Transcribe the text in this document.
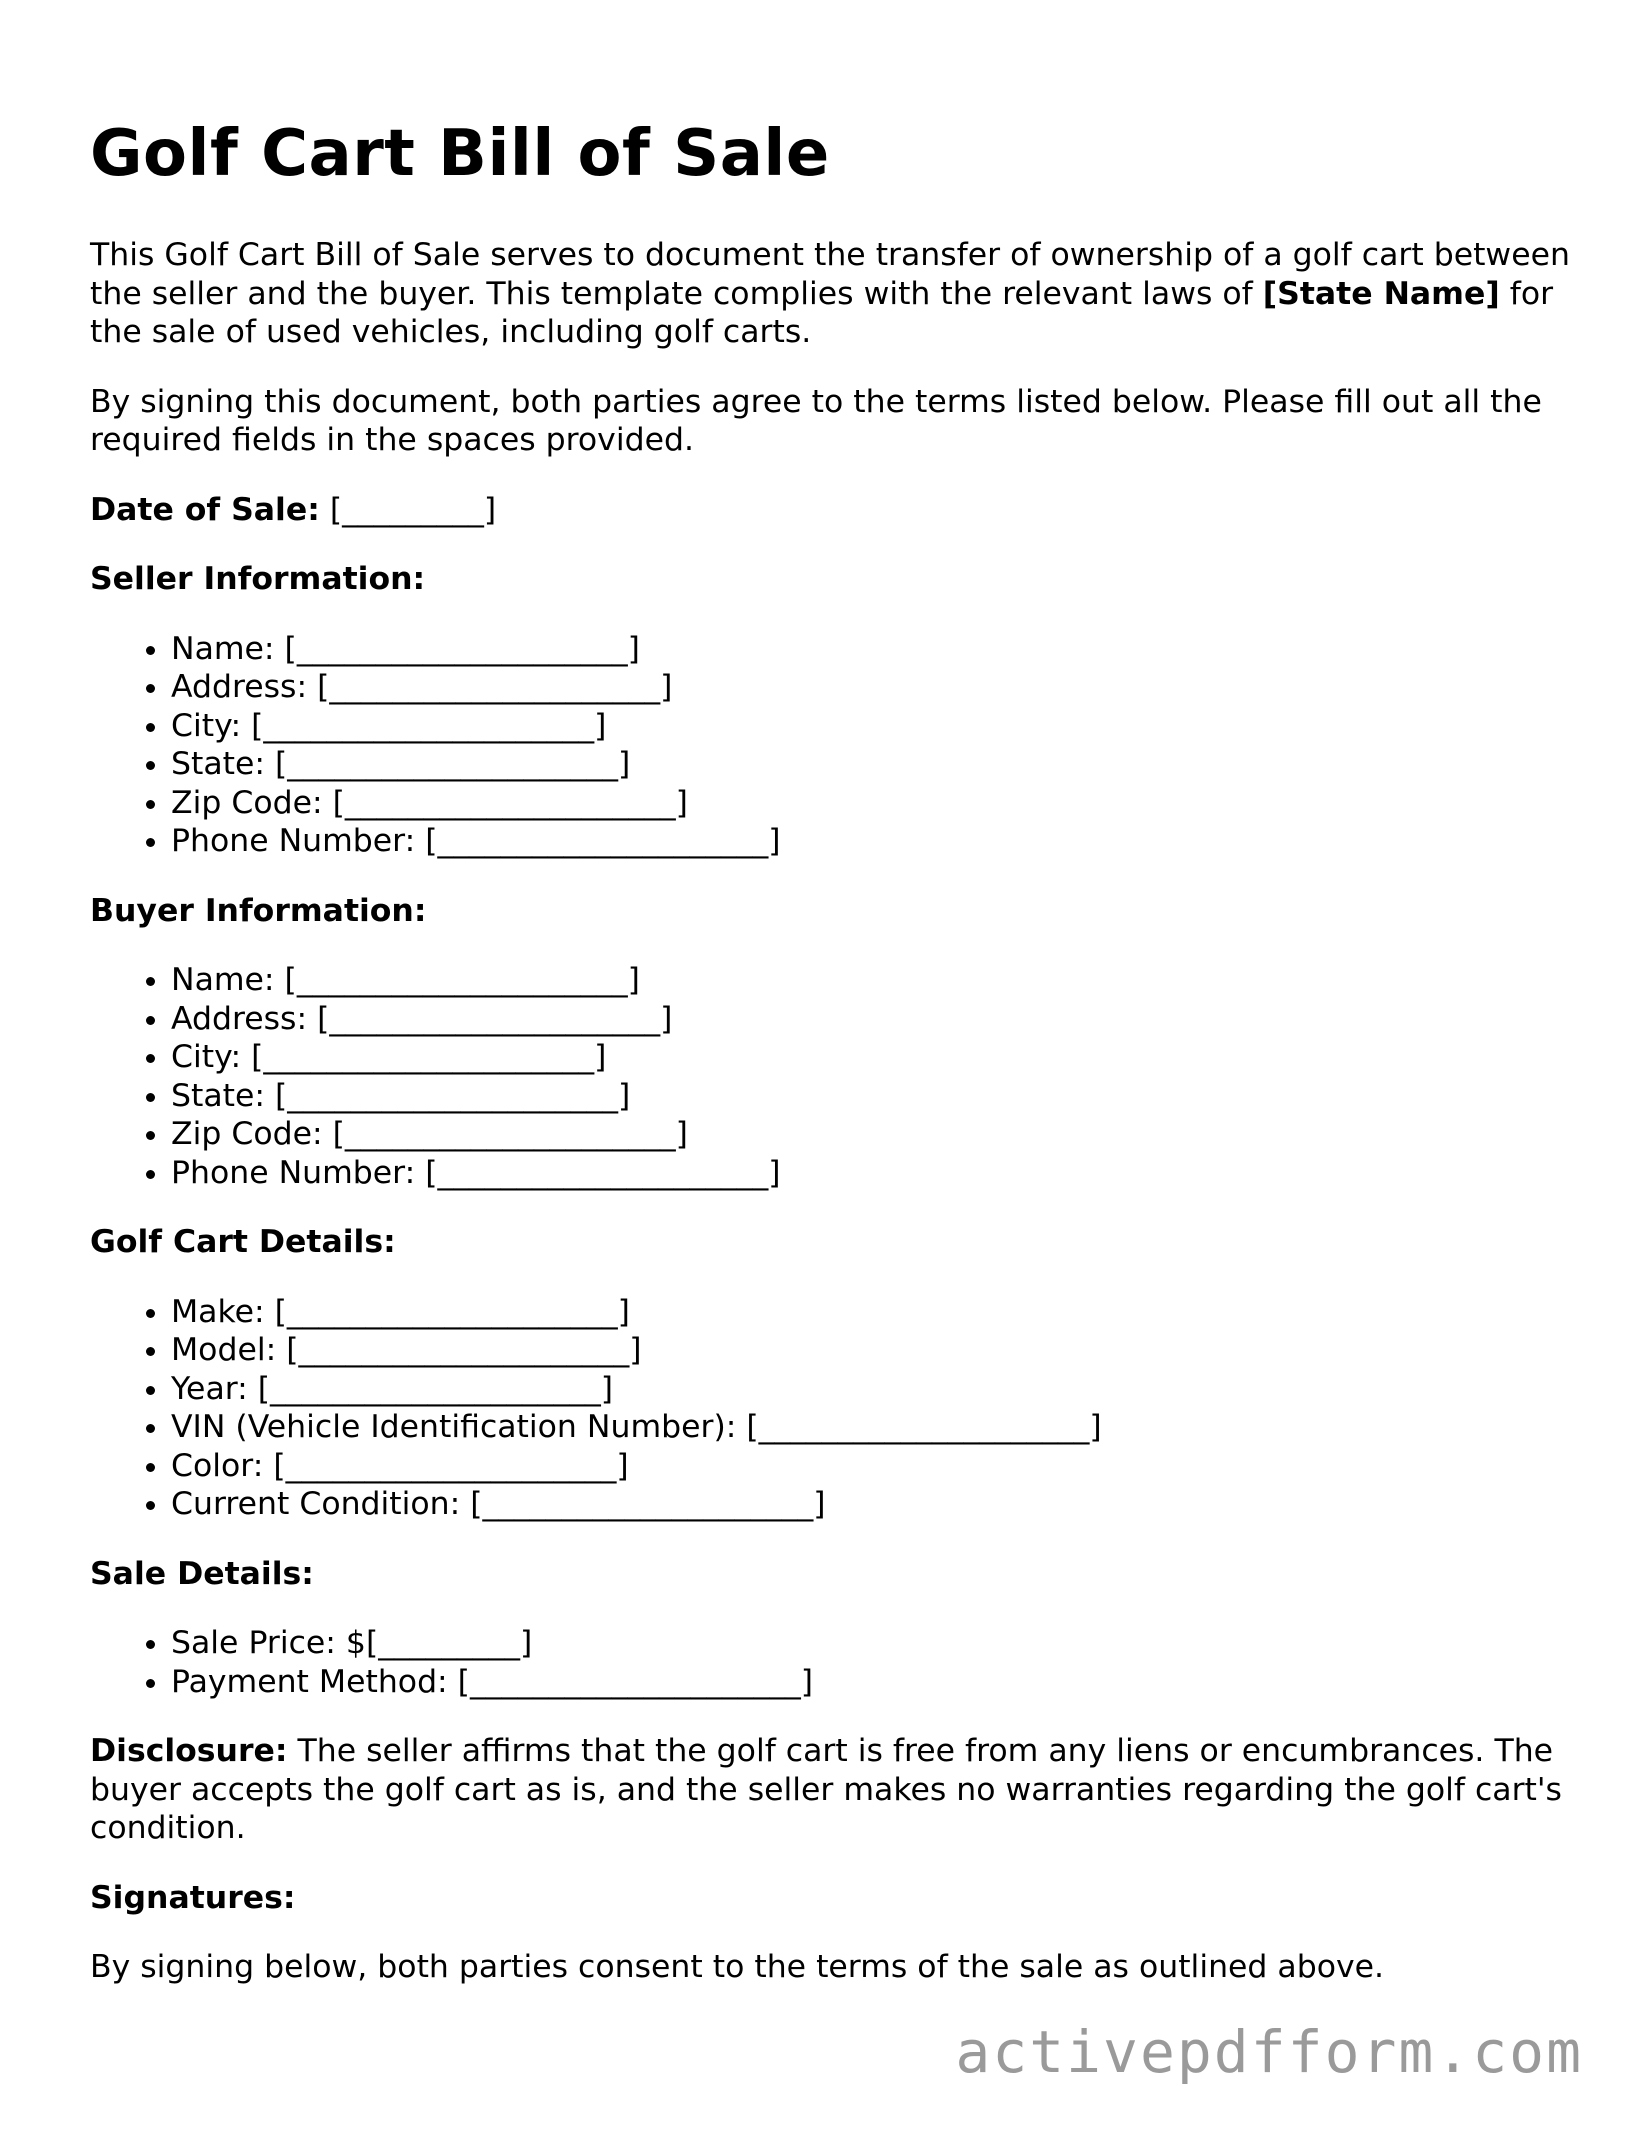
Golf Cart Bill of Sale

This Golf Cart Bill of Sale serves to document the transfer of ownership of a golf cart between the seller and the buyer. This template complies with the relevant laws of [State Name] for the sale of used vehicles, including golf carts.

By signing this document, both parties agree to the terms listed below. Please fill out all the required fields in the spaces provided.

Date of Sale: [_________]

Seller Information:
• Name: [_____________________]
• Address: [_____________________]
• City: [_____________________]
• State: [_____________________]
• Zip Code: [_____________________]
• Phone Number: [_____________________]
Buyer Information:
• Name: [_____________________]
• Address: [_____________________]
• City: [_____________________]
• State: [_____________________]
• Zip Code: [_____________________]
• Phone Number: [_____________________]
Golf Cart Details:
• Make: [_____________________]
• Model: [_____________________]
• Year: [_____________________]
• VIN (Vehicle Identification Number): [_____________________]
• Color: [_____________________]
• Current Condition: [_____________________]
Sale Details:
• Sale Price: $[_________]
• Payment Method: [_____________________]

Disclosure: The seller affirms that the golf cart is free from any liens or encumbrances. The buyer accepts the golf cart as is, and the seller makes no warranties regarding the golf cart's condition.

Signatures:

By signing below, both parties consent to the terms of the sale as outlined above.

activepdfform.com
